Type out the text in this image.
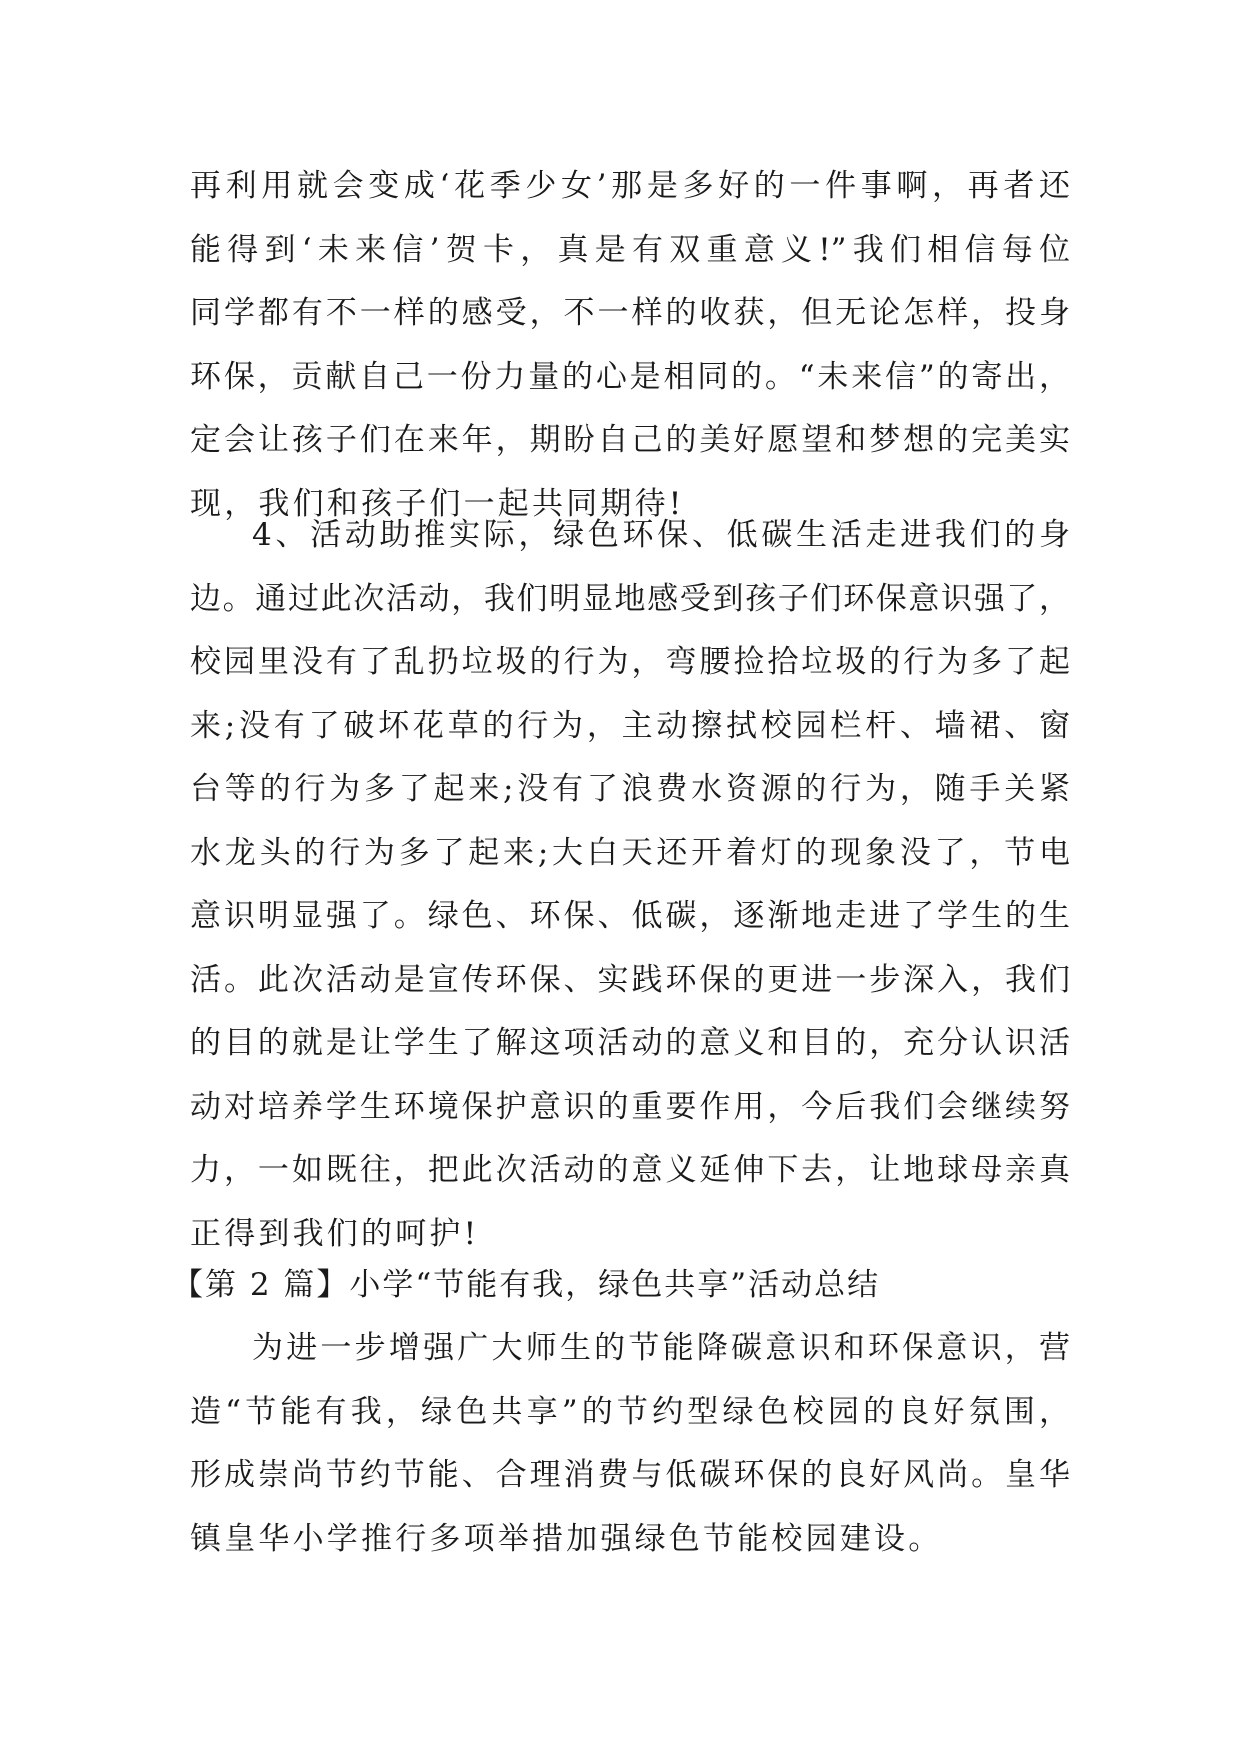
再利用就会变成‘花季少女’那是多好的一件事啊，再者还
能得到‘未来信’贺卡，真是有双重意义!”我们相信每位
同学都有不一样的感受，不一样的收获，但无论怎样，投身
环保，贡献自己一份力量的心是相同的。“未来信”的寄出，
定会让孩子们在来年，期盼自己的美好愿望和梦想的完美实
现，我们和孩子们一起共同期待!
4、活动助推实际，绿色环保、低碳生活走进我们的身
边。通过此次活动，我们明显地感受到孩子们环保意识强了，
校园里没有了乱扔垃圾的行为，弯腰捡拾垃圾的行为多了起
来;没有了破坏花草的行为，主动擦拭校园栏杆、墙裙、窗
台等的行为多了起来;没有了浪费水资源的行为，随手关紧
水龙头的行为多了起来;大白天还开着灯的现象没了，节电
意识明显强了。绿色、环保、低碳，逐渐地走进了学生的生
活。此次活动是宣传环保、实践环保的更进一步深入，我们
的目的就是让学生了解这项活动的意义和目的，充分认识活
动对培养学生环境保护意识的重要作用，今后我们会继续努
力，一如既往，把此次活动的意义延伸下去，让地球母亲真
正得到我们的呵护!
【第 2 篇】小学“节能有我，绿色共享”活动总结
为进一步增强广大师生的节能降碳意识和环保意识，营
造“节能有我，绿色共享”的节约型绿色校园的良好氛围，
形成崇尚节约节能、合理消费与低碳环保的良好风尚。皇华
镇皇华小学推行多项举措加强绿色节能校园建设。
